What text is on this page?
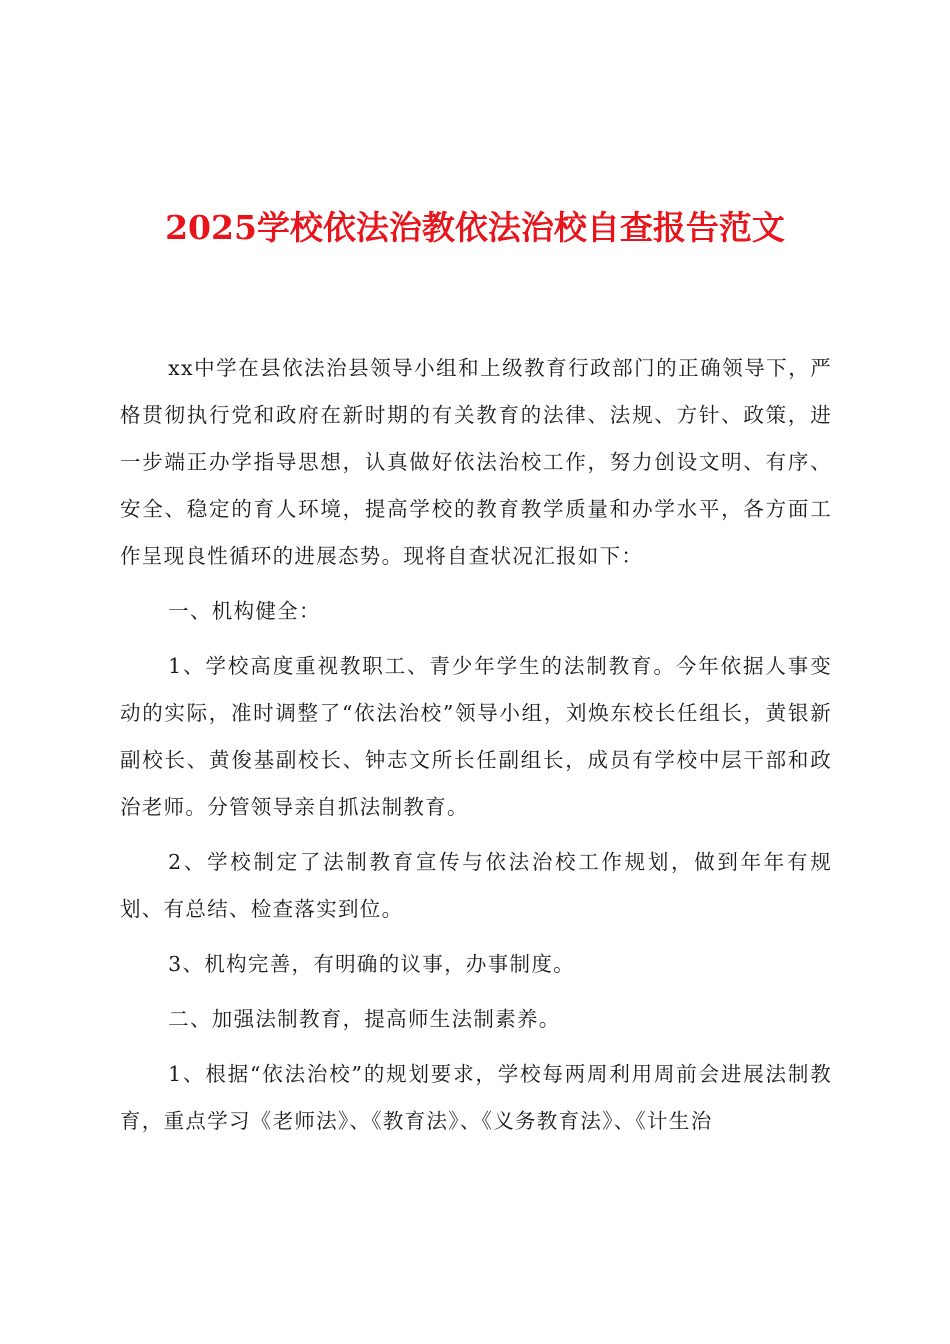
2025学校依法治教依法治校自查报告范文

xx中学在县依法治县领导小组和上级教育行政部门的正确领导下，严格贯彻执行党和政府在新时期的有关教育的法律、法规、方针、政策，进一步端正办学指导思想，认真做好依法治校工作，努力创设文明、有序、安全、稳定的育人环境，提高学校的教育教学质量和办学水平，各方面工作呈现良性循环的进展态势。现将自查状况汇报如下：

一、机构健全：

1、学校高度重视教职工、青少年学生的法制教育。今年依据人事变动的实际，准时调整了“依法治校”领导小组，刘焕东校长任组长，黄银新副校长、黄俊基副校长、钟志文所长任副组长，成员有学校中层干部和政治老师。分管领导亲自抓法制教育。

2、学校制定了法制教育宣传与依法治校工作规划，做到年年有规划、有总结、检查落实到位。

3、机构完善，有明确的议事，办事制度。

二、加强法制教育，提高师生法制素养。

1、根据“依法治校”的规划要求，学校每两周利用周前会进展法制教育，重点学习《老师法》、《教育法》、《义务教育法》、《计生治
